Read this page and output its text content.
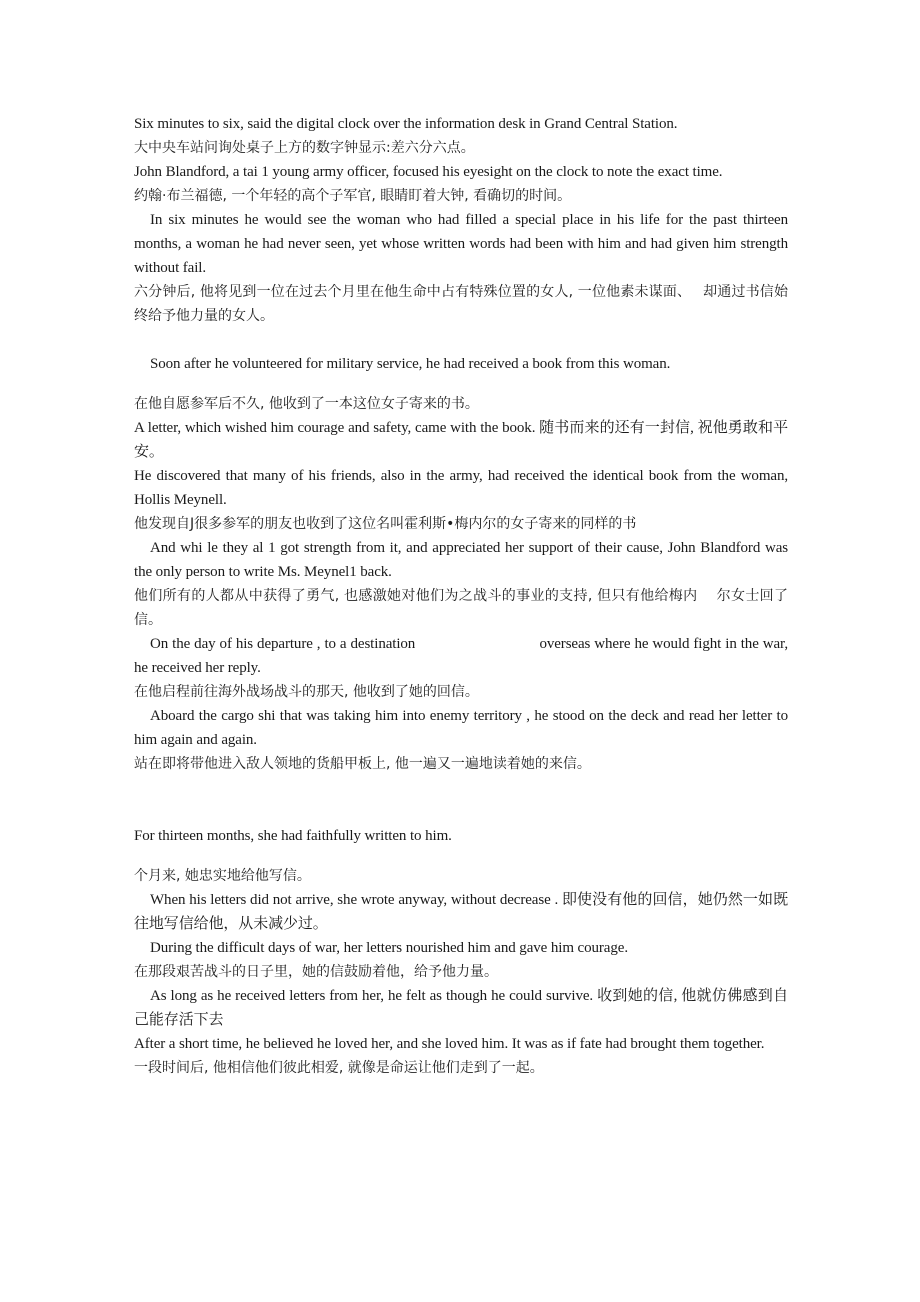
Six minutes to six, said the digital clock over the information desk in Grand Central Station.

大中央车站问询处桌子上方的数字钟显示:差六分六点。

John Blandford, a tai 1 young army officer, focused his eyesight on the clock to note the exact time.

约翰·布兰福德, 一个年轻的高个子军官, 眼睛盯着大钟, 看确切的时间。

In six minutes he would see the woman who had filled a special place in his life for the past thirteen months, a woman he had never seen, yet whose written words had been with him and had given him strength without fail.

六分钟后, 他将见到一位在过去个月里在他生命中占有特殊位置的女人, 一位他素未谋面、　 却通过书信始终给予他力量的女人。

Soon after he volunteered for military service, he had received a book from this woman.

在他自愿参军后不久, 他收到了一本这位女子寄来的书。

A letter, which wished him courage and safety, came with the book. 随书而来的还有一封信, 祝他勇敢和平安。

He discovered that many of his friends, also in the army, had received the identical book from the woman, Hollis Meynell.

他发现自J很多参军的朋友也收到了这位名叫霍利斯•梅内尔的女子寄来的同样的书

And whi le they al 1 got strength from it, and appreciated her support of their cause, John Blandford was the only person to write Ms. Meynel1 back.

他们所有的人都从中获得了勇气, 也感激她对他们为之战斗的事业的支持, 但只有他给梅内　 尔女士回了信。

On the day of his departure , to a destination                               overseas where he would fight in the war, he received her reply.

在他启程前往海外战场战斗的那天, 他收到了她的回信。

Aboard the cargo shi that was taking him into enemy territory , he stood on the deck and read her letter to him again and again.

站在即将带他进入敌人领地的货船甲板上, 他一遍又一遍地读着她的来信。

For thirteen months, she had faithfully written to him.

个月来, 她忠实地给他写信。

When his letters did not arrive, she wrote anyway, without decrease . 即使没有他的回信，她仍然一如既往地写信给他，从未减少过。

During the difficult days of war, her letters nourished him and gave him courage.

在那段艰苦战斗的日子里，她的信鼓励着他，给予他力量。

As long as he received letters from her, he felt as though he could survive. 收到她的信, 他就仿佛感到自己能存活下去

After a short time, he believed he loved her, and she loved him. It was as if fate had brought them together.

一段时间后, 他相信他们彼此相爱, 就像是命运让他们走到了一起。
